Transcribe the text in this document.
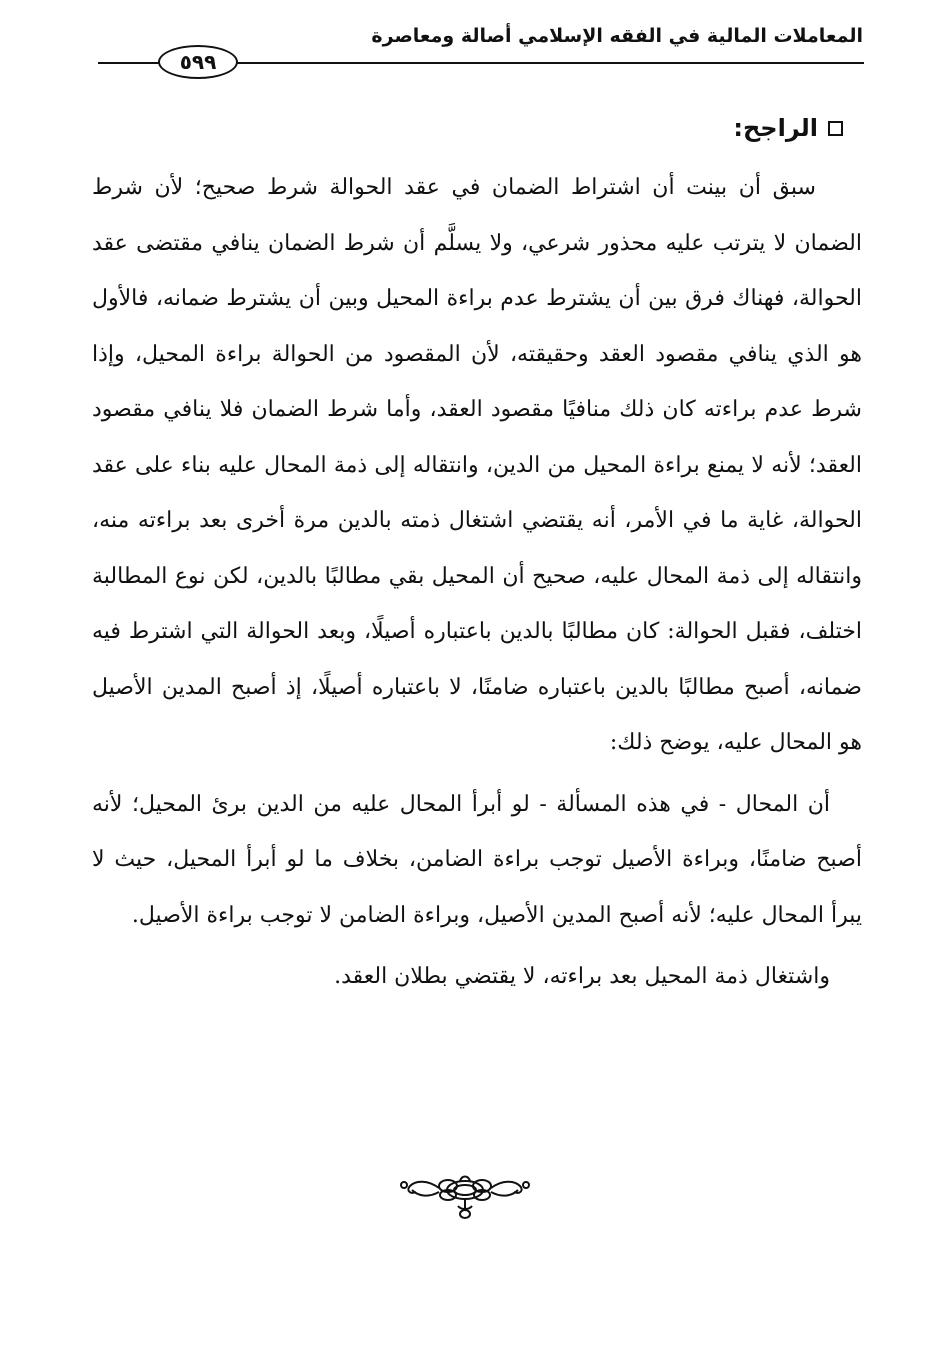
المعاملات المالية في الفقه الإسلامي أصالة ومعاصرة
٥٩٩
الراجح:

سبق أن بينت أن اشتراط الضمان في عقد الحوالة شرط صحيح؛ لأن شرط الضمان لا يترتب عليه محذور شرعي، ولا يسلَّم أن شرط الضمان ينافي مقتضى عقد الحوالة، فهناك فرق بين أن يشترط عدم براءة المحيل وبين أن يشترط ضمانه، فالأول هو الذي ينافي مقصود العقد وحقيقته، لأن المقصود من الحوالة براءة المحيل، وإذا شرط عدم براءته كان ذلك منافيًا مقصود العقد، وأما شرط الضمان فلا ينافي مقصود العقد؛ لأنه لا يمنع براءة المحيل من الدين، وانتقاله إلى ذمة المحال عليه بناء على عقد الحوالة، غاية ما في الأمر، أنه يقتضي اشتغال ذمته بالدين مرة أخرى بعد براءته منه، وانتقاله إلى ذمة المحال عليه، صحيح أن المحيل بقي مطالبًا بالدين، لكن نوع المطالبة اختلف، فقبل الحوالة: كان مطالبًا بالدين باعتباره أصيلًا، وبعد الحوالة التي اشترط فيه ضمانه، أصبح مطالبًا بالدين باعتباره ضامنًا، لا باعتباره أصيلًا، إذ أصبح المدين الأصيل هو المحال عليه، يوضح ذلك:

أن المحال - في هذه المسألة - لو أبرأ المحال عليه من الدين برئ المحيل؛ لأنه أصبح ضامنًا، وبراءة الأصيل توجب براءة الضامن، بخلاف ما لو أبرأ المحيل، حيث لا يبرأ المحال عليه؛ لأنه أصبح المدين الأصيل، وبراءة الضامن لا توجب براءة الأصيل.

واشتغال ذمة المحيل بعد براءته، لا يقتضي بطلان العقد.
